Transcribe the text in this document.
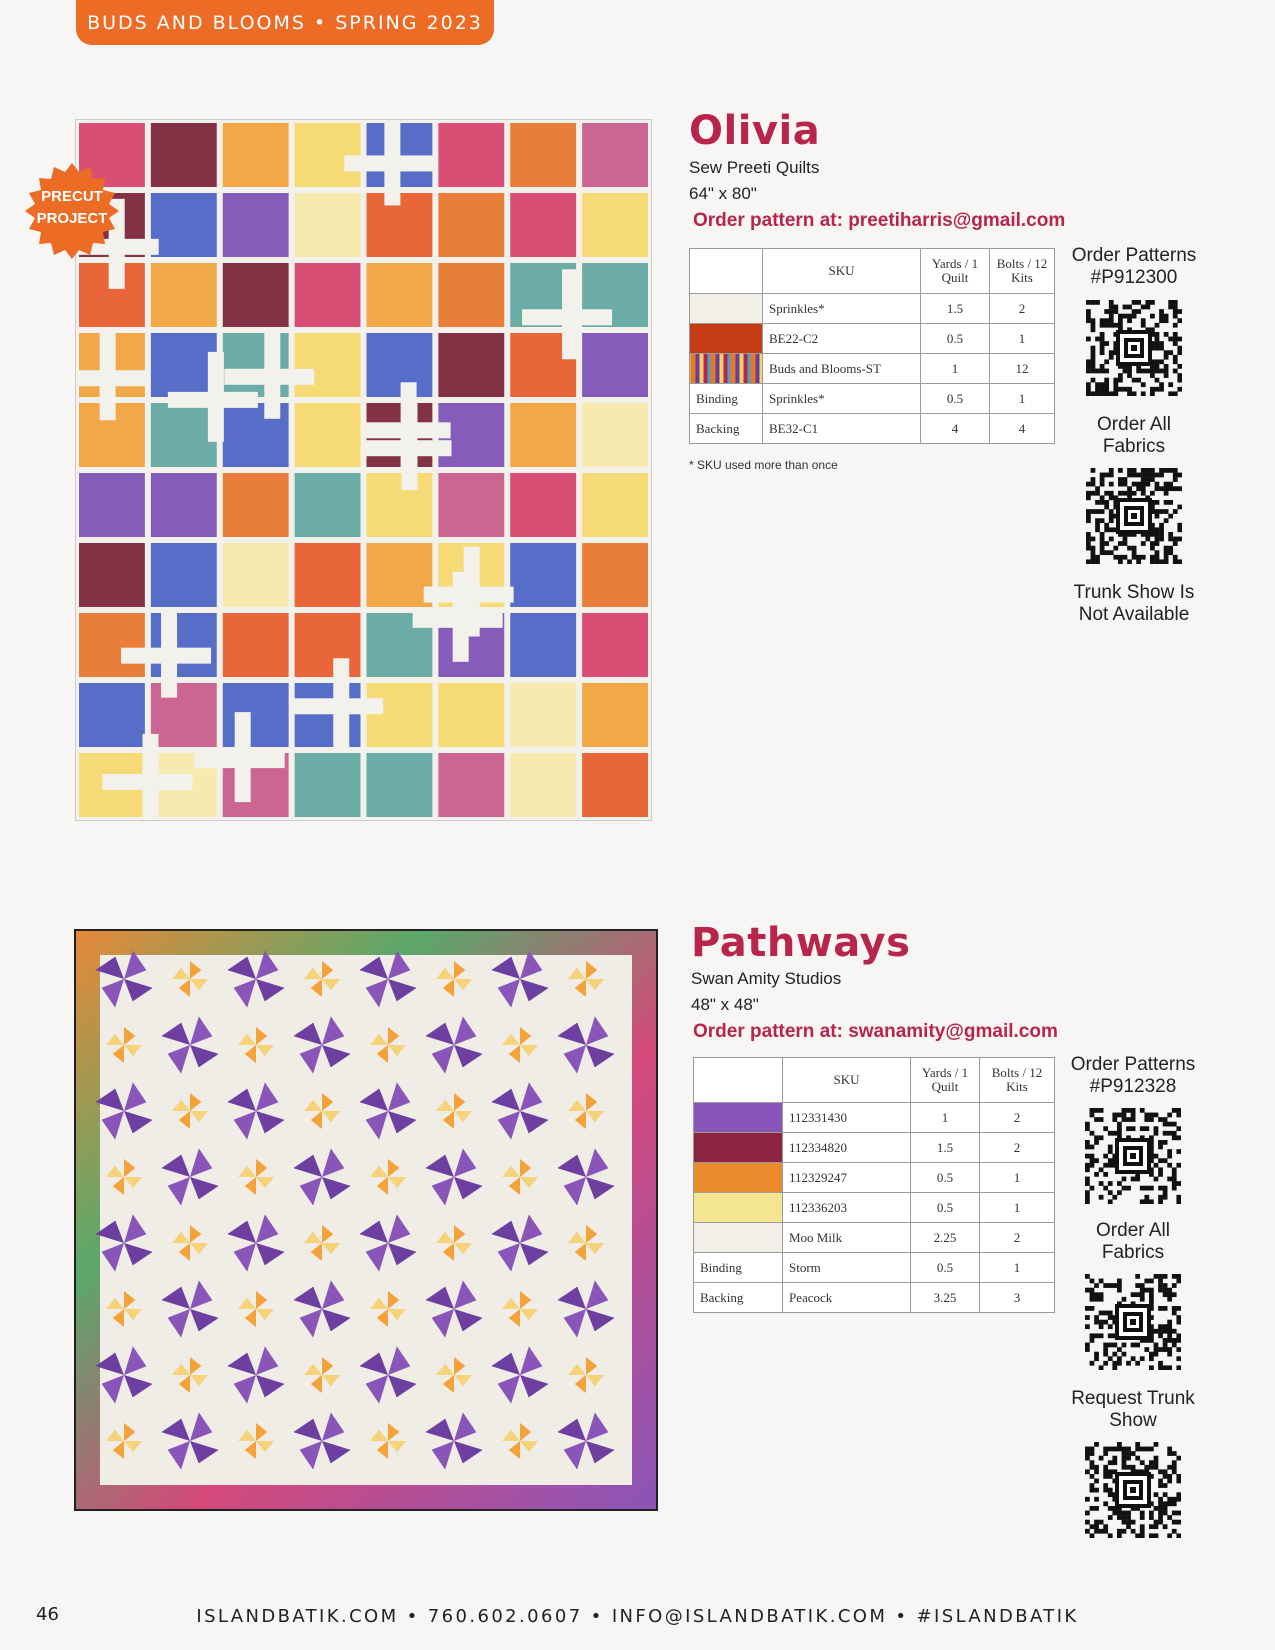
BUDS AND BLOOMS • SPRING 2023
PRECUT
PROJECT
Olivia
Sew Preeti Quilts
64" x 80"
Order pattern at: preetiharris@gmail.com
	SKU	Yards / 1 Quilt	Bolts / 12 Kits
	Sprinkles*	1.5	2
	BE22-C2	0.5	1
	Buds and Blooms-ST	1	12
Binding	Sprinkles*	0.5	1
Backing	BE32-C1	4	4
* SKU used more than once
Order Patterns
#P912300
Order All
Fabrics
Trunk Show Is
Not Available
Pathways
Swan Amity Studios
48" x 48"
Order pattern at: swanamity@gmail.com
	SKU	Yards / 1 Quilt	Bolts / 12 Kits
	112331430	1	2
	112334820	1.5	2
	112329247	0.5	1
	112336203	0.5	1
	Moo Milk	2.25	2
Binding	Storm	0.5	1
Backing	Peacock	3.25	3
Order Patterns
#P912328
Order All
Fabrics
Request Trunk
Show
46	ISLANDBATIK.COM • 760.602.0607 • INFO@ISLANDBATIK.COM • #ISLANDBATIK
